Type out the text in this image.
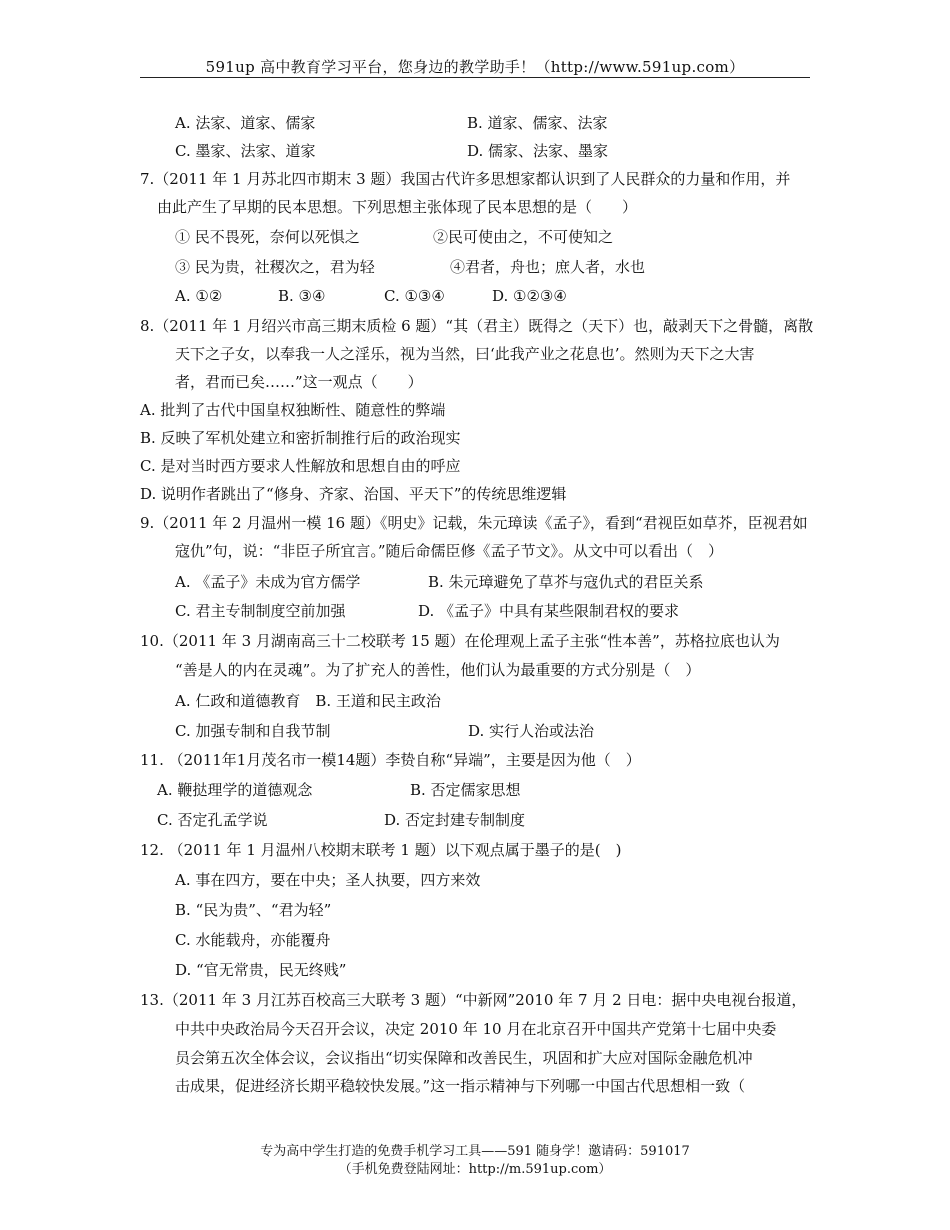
591up 高中教育学习平台，您身边的教学助手！（http://www.591up.com）
A. 法家、道家、儒家	B. 道家、儒家、法家
C. 墨家、法家、道家	D. 儒家、法家、墨家
7.（2011 年 1 月苏北四市期末 3 题）我国古代许多思想家都认识到了人民群众的力量和作用，并
由此产生了早期的民本思想。下列思想主张体现了民本思想的是（　　）
① 民不畏死，奈何以死惧之	②民可使由之，不可使知之
③ 民为贵，社稷次之，君为轻	④君者，舟也；庶人者，水也
A. ①②	B. ③④	C. ①③④	D. ①②③④
8.（2011 年 1 月绍兴市高三期末质检 6 题）“其（君主）既得之（天下）也，敲剥天下之骨髓，离散
天下之子女，以奉我一人之淫乐，视为当然，曰‘此我产业之花息也’。然则为天下之大害
者，君而已矣……”这一观点（　　）
A. 批判了古代中国皇权独断性、随意性的弊端
B. 反映了军机处建立和密折制推行后的政治现实
C. 是对当时西方要求人性解放和思想自由的呼应
D. 说明作者跳出了“修身、齐家、治国、平天下”的传统思维逻辑
9.（2011 年 2 月温州一模 16 题）《明史》记载，朱元璋读《孟子》，看到“君视臣如草芥，臣视君如
寇仇”句，说：“非臣子所宜言。”随后命儒臣修《孟子节文》。从文中可以看出（　）
A. 《孟子》未成为官方儒学	B. 朱元璋避免了草芥与寇仇式的君臣关系
C. 君主专制制度空前加强	D. 《孟子》中具有某些限制君权的要求
10.（2011 年 3 月湖南高三十二校联考 15 题）在伦理观上孟子主张“性本善”，苏格拉底也认为
“善是人的内在灵魂”。为了扩充人的善性，他们认为最重要的方式分别是（　）
A. 仁政和道德教育　B. 王道和民主政治
C. 加强专制和自我节制	D. 实行人治或法治
11. （2011年1月茂名市一模14题）李贽自称“异端”，主要是因为他（　）
A. 鞭挞理学的道德观念	B. 否定儒家思想
C. 否定孔孟学说	D. 否定封建专制制度
12. （2011 年 1 月温州八校期末联考 1 题）以下观点属于墨子的是(　)
A. 事在四方，要在中央；圣人执要，四方来效
B. “民为贵”、“君为轻”
C. 水能载舟，亦能覆舟
D. “官无常贵，民无终贱”
13.（2011 年 3 月江苏百校高三大联考 3 题）“中新网”2010 年 7 月 2 日电：据中央电视台报道，
中共中央政治局今天召开会议，决定 2010 年 10 月在北京召开中国共产党第十七届中央委
员会第五次全体会议，会议指出“切实保障和改善民生，巩固和扩大应对国际金融危机冲
击成果，促进经济长期平稳较快发展。”这一指示精神与下列哪一中国古代思想相一致（
专为高中学生打造的免费手机学习工具——591 随身学！邀请码：591017
（手机免费登陆网址：http://m.591up.com）
